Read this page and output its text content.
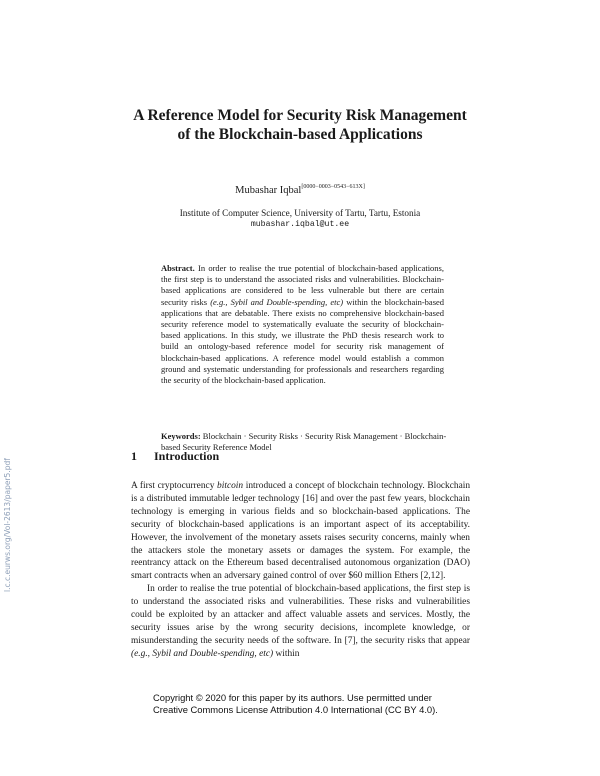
l.c.c.eurws.org/Vol-2613/paper5.pdf
A Reference Model for Security Risk Management of the Blockchain-based Applications
Mubashar Iqbal[0000−0003−0543−613X]
Institute of Computer Science, University of Tartu, Tartu, Estonia
mubashar.iqbal@ut.ee
Abstract. In order to realise the true potential of blockchain-based applications, the first step is to understand the associated risks and vulnerabilities. Blockchain-based applications are considered to be less vulnerable but there are certain security risks (e.g., Sybil and Double-spending, etc) within the blockchain-based applications that are debatable. There exists no comprehensive blockchain-based security reference model to systematically evaluate the security of blockchain-based applications. In this study, we illustrate the PhD thesis research work to build an ontology-based reference model for security risk management of blockchain-based applications. A reference model would establish a common ground and systematic understanding for professionals and researchers regarding the security of the blockchain-based application.
Keywords: Blockchain · Security Risks · Security Risk Management · Blockchain-based Security Reference Model
1 Introduction

A first cryptocurrency bitcoin introduced a concept of blockchain technology. Blockchain is a distributed immutable ledger technology [16] and over the past few years, blockchain technology is emerging in various fields and so blockchain-based applications. The security of blockchain-based applications is an important aspect of its acceptability. However, the involvement of the monetary assets raises security concerns, mainly when the attackers stole the monetary assets or damages the system. For example, the reentrancy attack on the Ethereum based decentralised autonomous organization (DAO) smart contracts when an adversary gained control of over $60 million Ethers [2,12].

In order to realise the true potential of blockchain-based applications, the first step is to understand the associated risks and vulnerabilities. These risks and vulnerabilities could be exploited by an attacker and affect valuable assets and services. Mostly, the security issues arise by the wrong security decisions, incomplete knowledge, or misunderstanding the security needs of the software. In [7], the security risks that appear (e.g., Sybil and Double-spending, etc) within

Copyright © 2020 for this paper by its authors. Use permitted under
Creative Commons License Attribution 4.0 International (CC BY 4.0).
